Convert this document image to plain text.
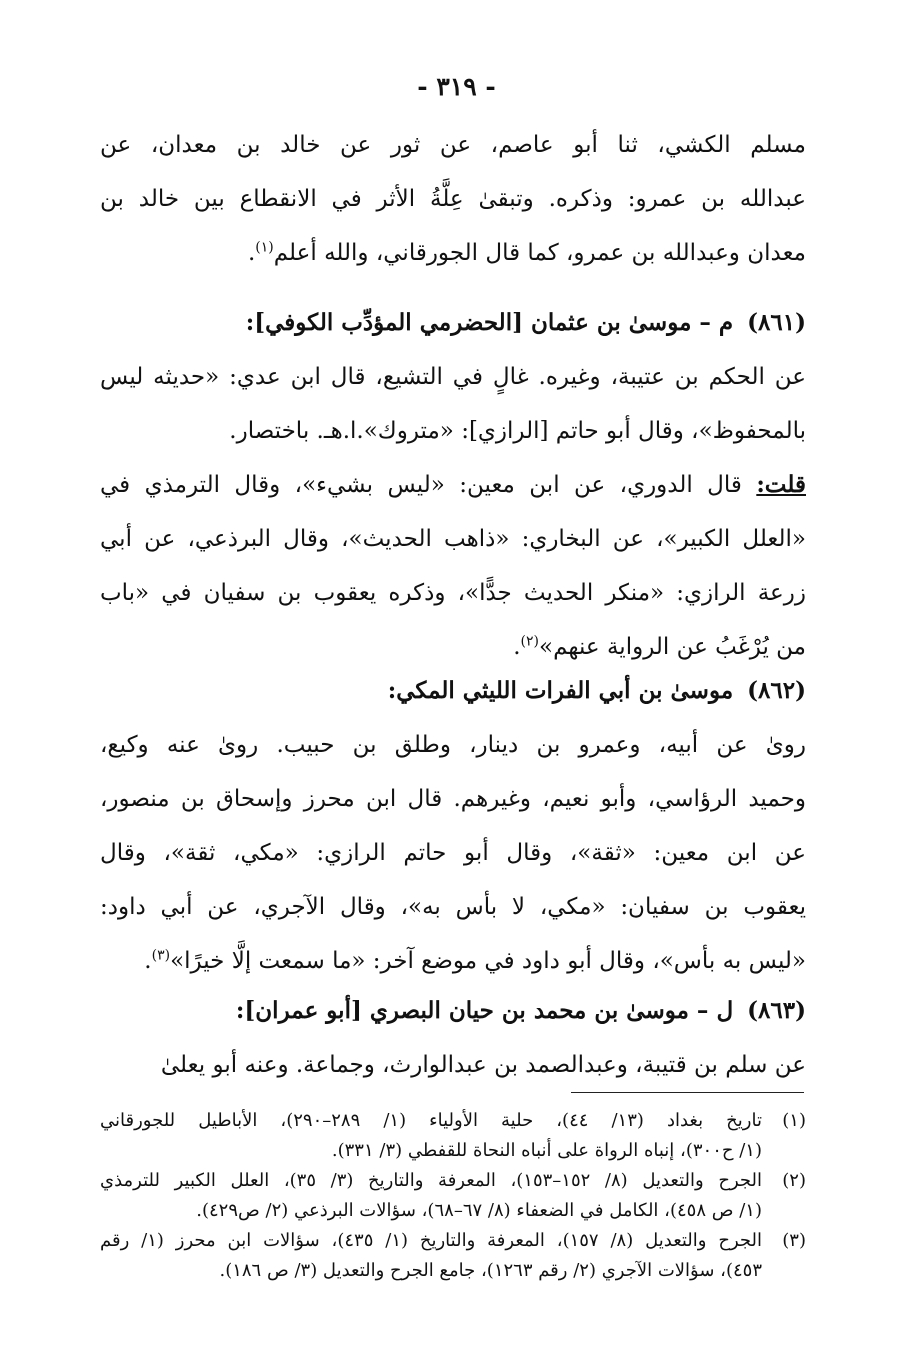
- ٣١٩ -

مسلم الكشي، ثنا أبو عاصم، عن ثور عن خالد بن معدان، عن

عبدالله بن عمرو: وذكره. وتبقىٰ عِلَّةُ الأثر في الانقطاع بين خالد بن

معدان وعبدالله بن عمرو، كما قال الجورقاني، والله أعلم$^{(١)}$.

(٨٦١)م – موسىٰ بن عثمان [الحضرمي المؤدِّب الكوفي]:

عن الحكم بن عتيبة، وغيره. غالٍ في التشيع، قال ابن عدي: «حديثه ليس

بالمحفوظ»، وقال أبو حاتم [الرازي]: «متروك».ا.هـ. باختصار.

قلت: قال الدوري، عن ابن معين: «ليس بشيء»، وقال الترمذي في

«العلل الكبير»، عن البخاري: «ذاهب الحديث»، وقال البرذعي، عن أبي

زرعة الرازي: «منكر الحديث جدًّا»، وذكره يعقوب بن سفيان في «باب

من يُرْغَبُ عن الرواية عنهم»$^{(٢)}$.

(٨٦٢)موسىٰ بن أبي الفرات الليثي المكي:

روىٰ عن أبيه، وعمرو بن دينار، وطلق بن حبيب. روىٰ عنه وكيع،

وحميد الرؤاسي، وأبو نعيم، وغيرهم. قال ابن محرز وإسحاق بن منصور،

عن ابن معين: «ثقة»، وقال أبو حاتم الرازي: «مكي، ثقة»، وقال

يعقوب بن سفيان: «مكي، لا بأس به»، وقال الآجري، عن أبي داود:

«ليس به بأس»، وقال أبو داود في موضع آخر: «ما سمعت إلَّا خيرًا»$^{(٣)}$.

(٨٦٣)ل – موسىٰ بن محمد بن حيان البصري [أبو عمران]:

عن سلم بن قتيبة، وعبدالصمد بن عبدالوارث، وجماعة. وعنه أبو يعلىٰ

(١)

تاريخ بغداد (١٣/ ٤٤)، حلية الأولياء (١/ ٢٨٩–٢٩٠)، الأباطيل للجورقاني

(١/ ح٣٠٠)، إنباه الرواة على أنباه النحاة للقفطي (٣/ ٣٣١).

(٢)

الجرح والتعديل (٨/ ١٥٢–١٥٣)، المعرفة والتاريخ (٣/ ٣٥)، العلل الكبير للترمذي

(١/ ص ٤٥٨)، الكامل في الضعفاء (٨/ ٦٧–٦٨)، سؤالات البرذعي (٢/ ص٤٢٩).

(٣)

الجرح والتعديل (٨/ ١٥٧)، المعرفة والتاريخ (١/ ٤٣٥)، سؤالات ابن محرز (١/ رقم

٤٥٣)، سؤالات الآجري (٢/ رقم ١٢٦٣)، جامع الجرح والتعديل (٣/ ص ١٨٦).
